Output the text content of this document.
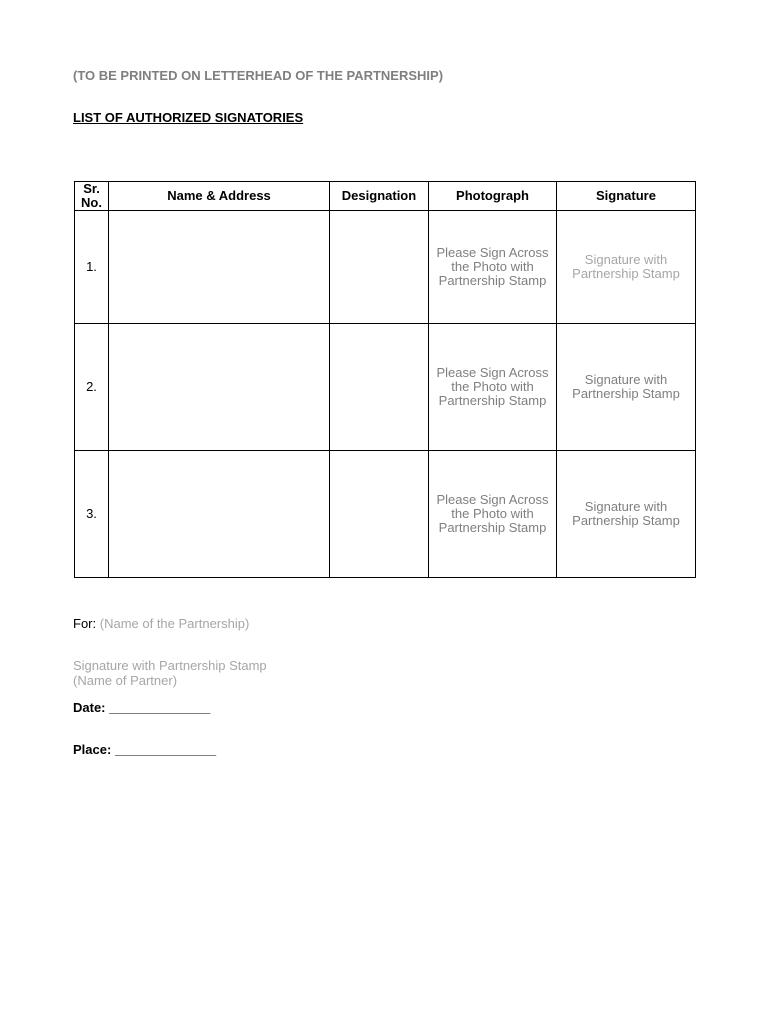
(TO BE PRINTED ON LETTERHEAD OF THE PARTNERSHIP)

LIST OF AUTHORIZED SIGNATORIES

Sr.
No.	Name & Address	Designation	Photograph	Signature
1.			Please Sign Across
the Photo with
Partnership Stamp	Signature with
Partnership Stamp
2.			Please Sign Across
the Photo with
Partnership Stamp	Signature with
Partnership Stamp
3.			Please Sign Across
the Photo with
Partnership Stamp	Signature with
Partnership Stamp

For: (Name of the Partnership)

Signature with Partnership Stamp

(Name of Partner)

Date: ______________

Place: ______________
